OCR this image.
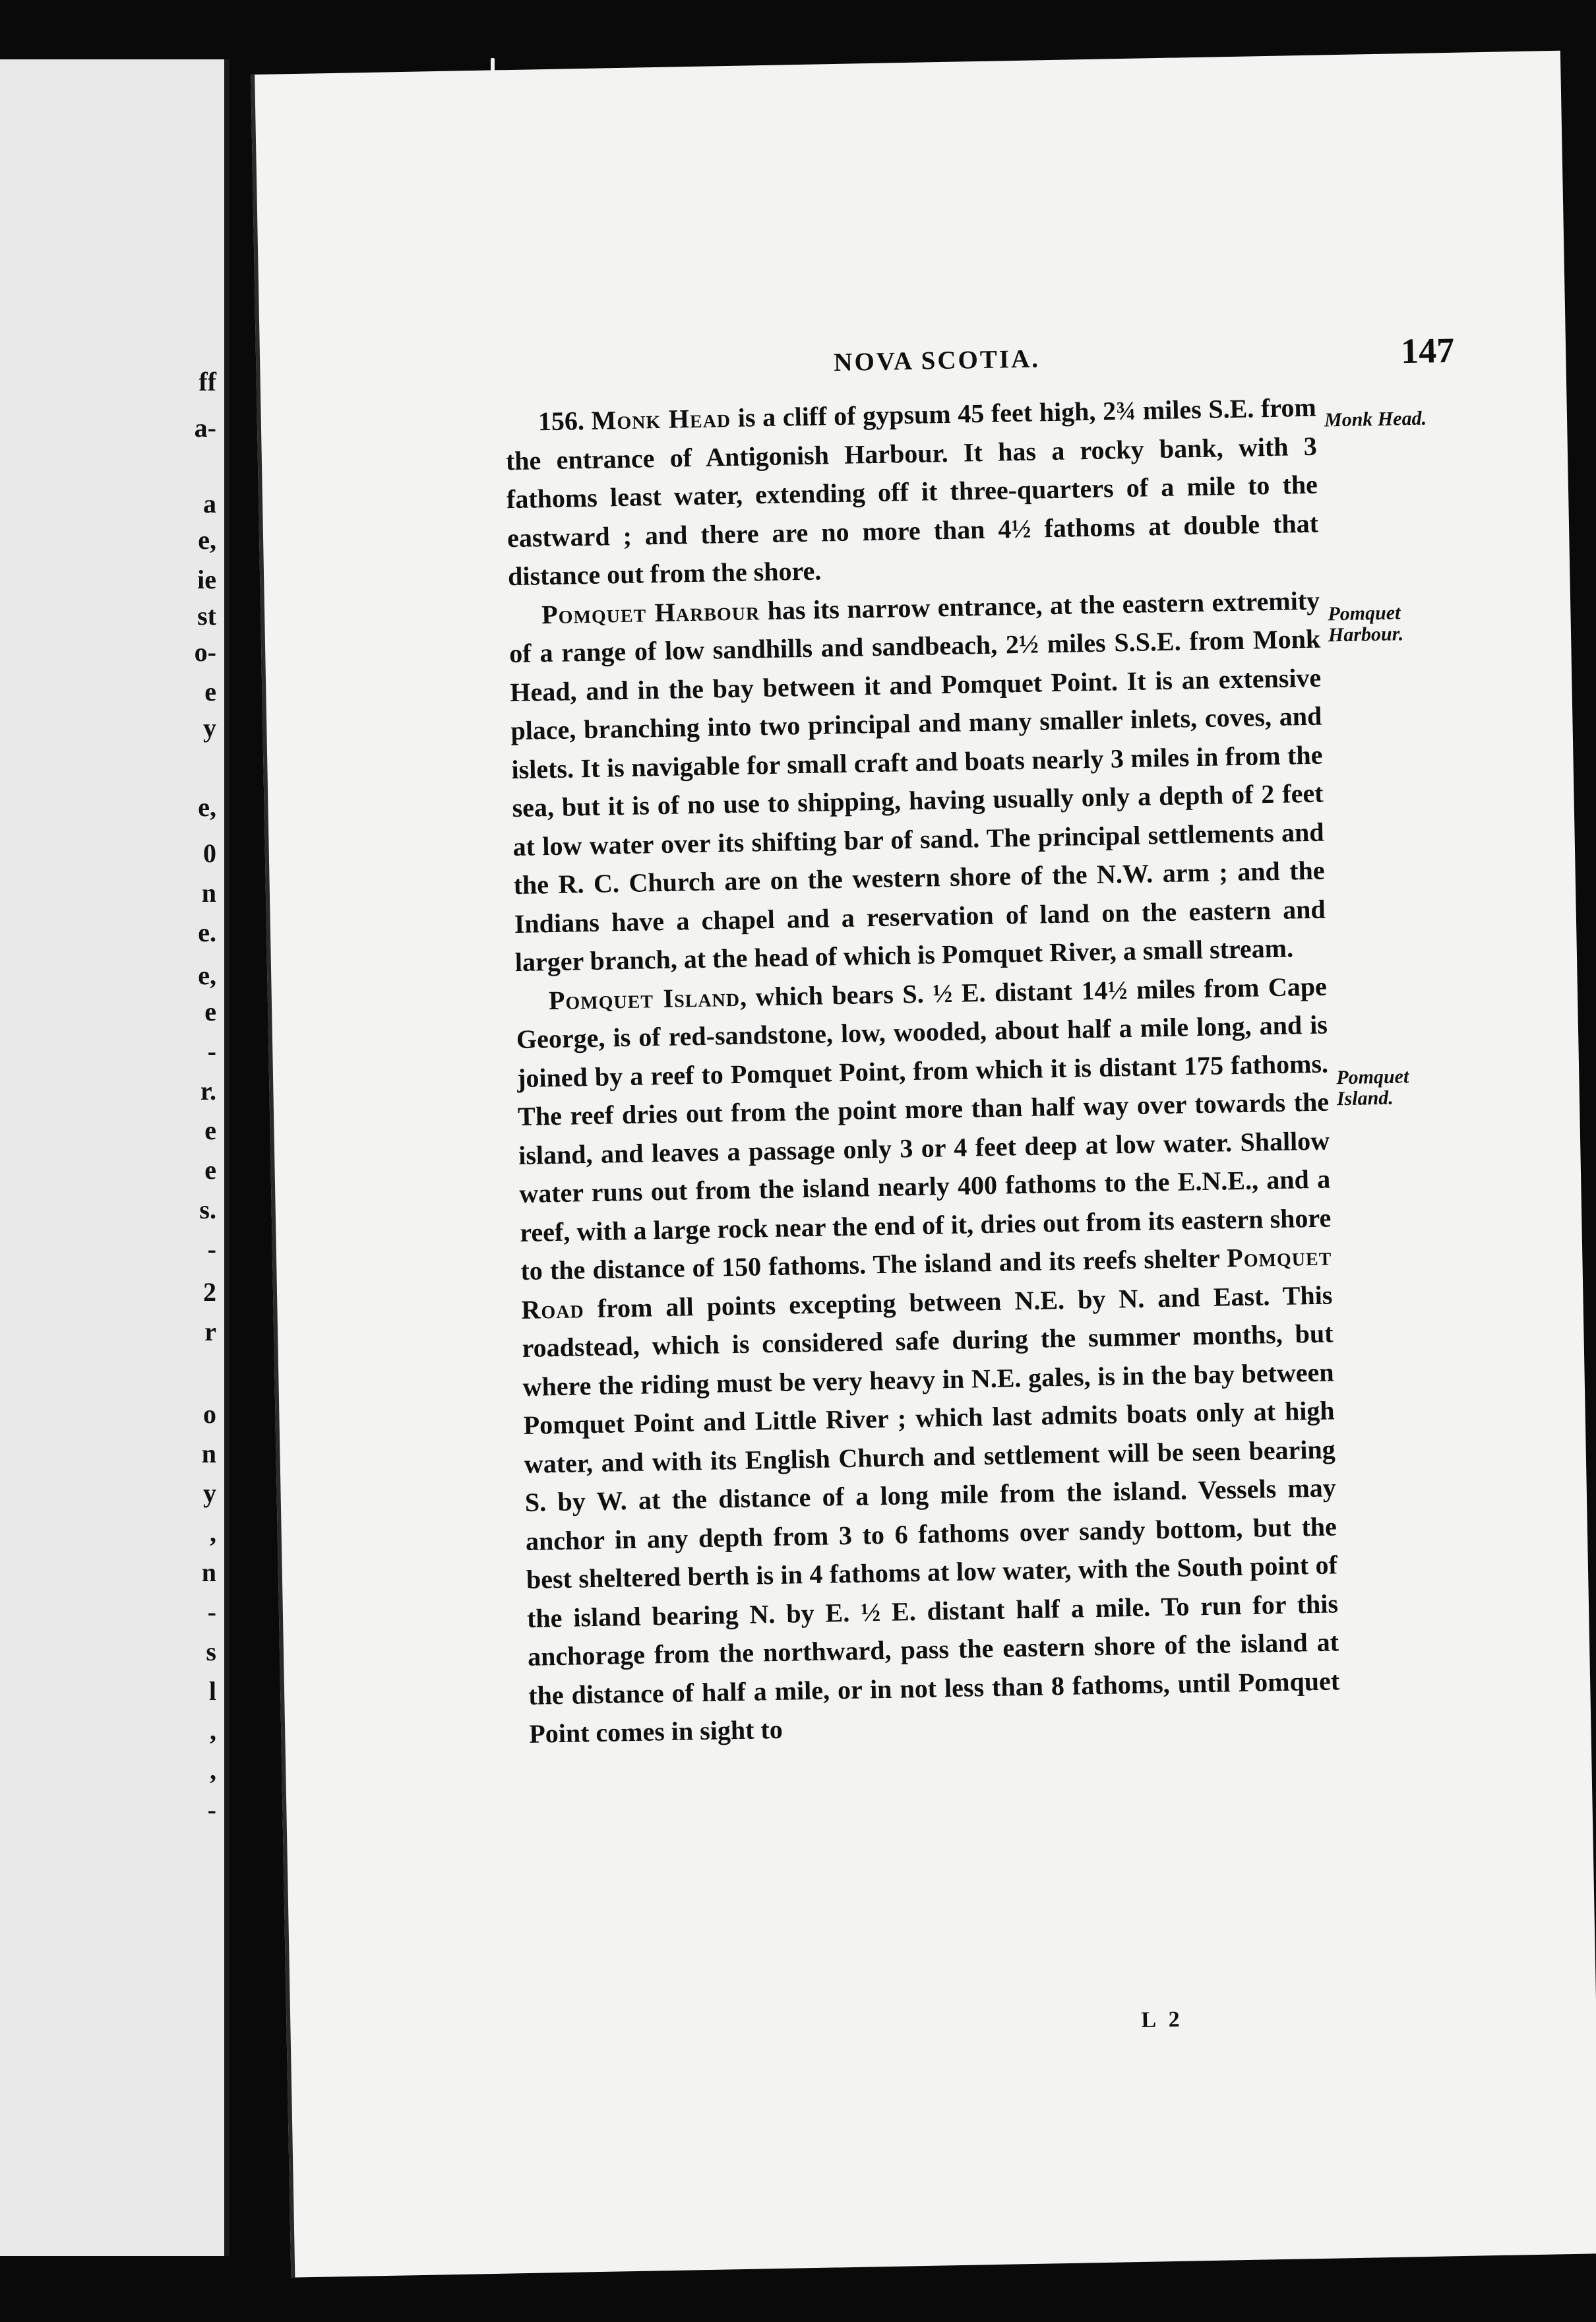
ff
a-
a
e,
ie
st
o-
e
y
e,
0
n
e.
e,
e
-
r.
e
e
s.
-
2
r
o
n
y
,
n
-
s
l
,
,
-
NOVA SCOTIA.	147

156. Monk Head is a cliff of gypsum 45 feet high, 2¾ miles S.E. from the entrance of Antigonish Harbour. It has a rocky bank, with 3 fathoms least water, extending off it three-quarters of a mile to the eastward ; and there are no more than 4½ fathoms at double that distance out from the shore.

Pomquet Harbour has its narrow entrance, at the eastern extremity of a range of low sandhills and sandbeach, 2½ miles S.S.E. from Monk Head, and in the bay between it and Pomquet Point. It is an extensive place, branching into two principal and many smaller inlets, coves, and islets. It is navigable for small craft and boats nearly 3 miles in from the sea, but it is of no use to shipping, having usually only a depth of 2 feet at low water over its shifting bar of sand. The principal settlements and the R. C. Church are on the western shore of the N.W. arm ; and the Indians have a chapel and a reservation of land on the eastern and larger branch, at the head of which is Pomquet River, a small stream.

Pomquet Island, which bears S. ½ E. distant 14½ miles from Cape George, is of red-sandstone, low, wooded, about half a mile long, and is joined by a reef to Pomquet Point, from which it is distant 175 fathoms. The reef dries out from the point more than half way over towards the island, and leaves a passage only 3 or 4 feet deep at low water. Shallow water runs out from the island nearly 400 fathoms to the E.N.E., and a reef, with a large rock near the end of it, dries out from its eastern shore to the distance of 150 fathoms. The island and its reefs shelter Pomquet Road from all points excepting between N.E. by N. and East. This roadstead, which is considered safe during the summer months, but where the riding must be very heavy in N.E. gales, is in the bay between Pomquet Point and Little River ; which last admits boats only at high water, and with its English Church and settlement will be seen bearing S. by W. at the distance of a long mile from the island. Vessels may anchor in any depth from 3 to 6 fathoms over sandy bottom, but the best sheltered berth is in 4 fathoms at low water, with the South point of the island bearing N. by E. ½ E. distant half a mile. To run for this anchorage from the northward, pass the eastern shore of the island at the distance of half a mile, or in not less than 8 fathoms, until Pomquet Point comes in sight to

Monk Head.
Pomquet Harbour.
Pomquet Island.
L 2
